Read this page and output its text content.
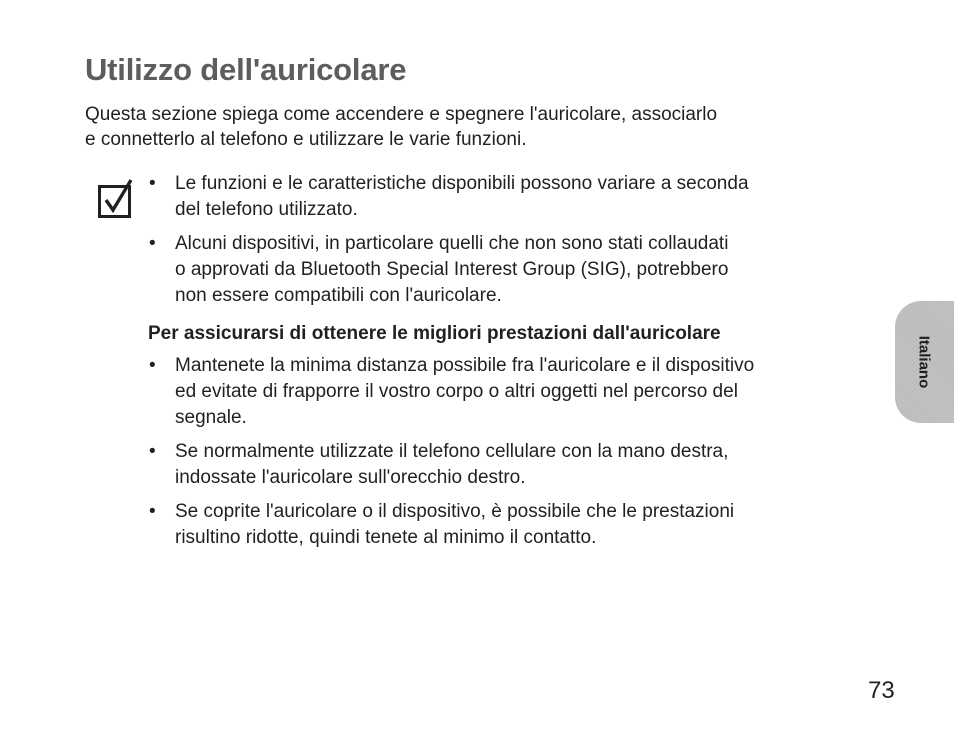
Utilizzo dell'auricolare

Questa sezione spiega come accendere e spegnere l'auricolare, associarlo
e connetterlo al telefono e utilizzare le varie funzioni.

• Le funzioni e le caratteristiche disponibili possono variare a seconda
del telefono utilizzato.
• Alcuni dispositivi, in particolare quelli che non sono stati collaudati
o approvati da Bluetooth Special Interest Group (SIG), potrebbero
non essere compatibili con l'auricolare.
Per assicurarsi di ottenere le migliori prestazioni dall'auricolare
• Mantenete la minima distanza possibile fra l'auricolare e il dispositivo
ed evitate di frapporre il vostro corpo o altri oggetti nel percorso del
segnale.
• Se normalmente utilizzate il telefono cellulare con la mano destra,
indossate l'auricolare sull'orecchio destro.
• Se coprite l'auricolare o il dispositivo, è possibile che le prestazioni
risultino ridotte, quindi tenete al minimo il contatto.
Italiano
73
